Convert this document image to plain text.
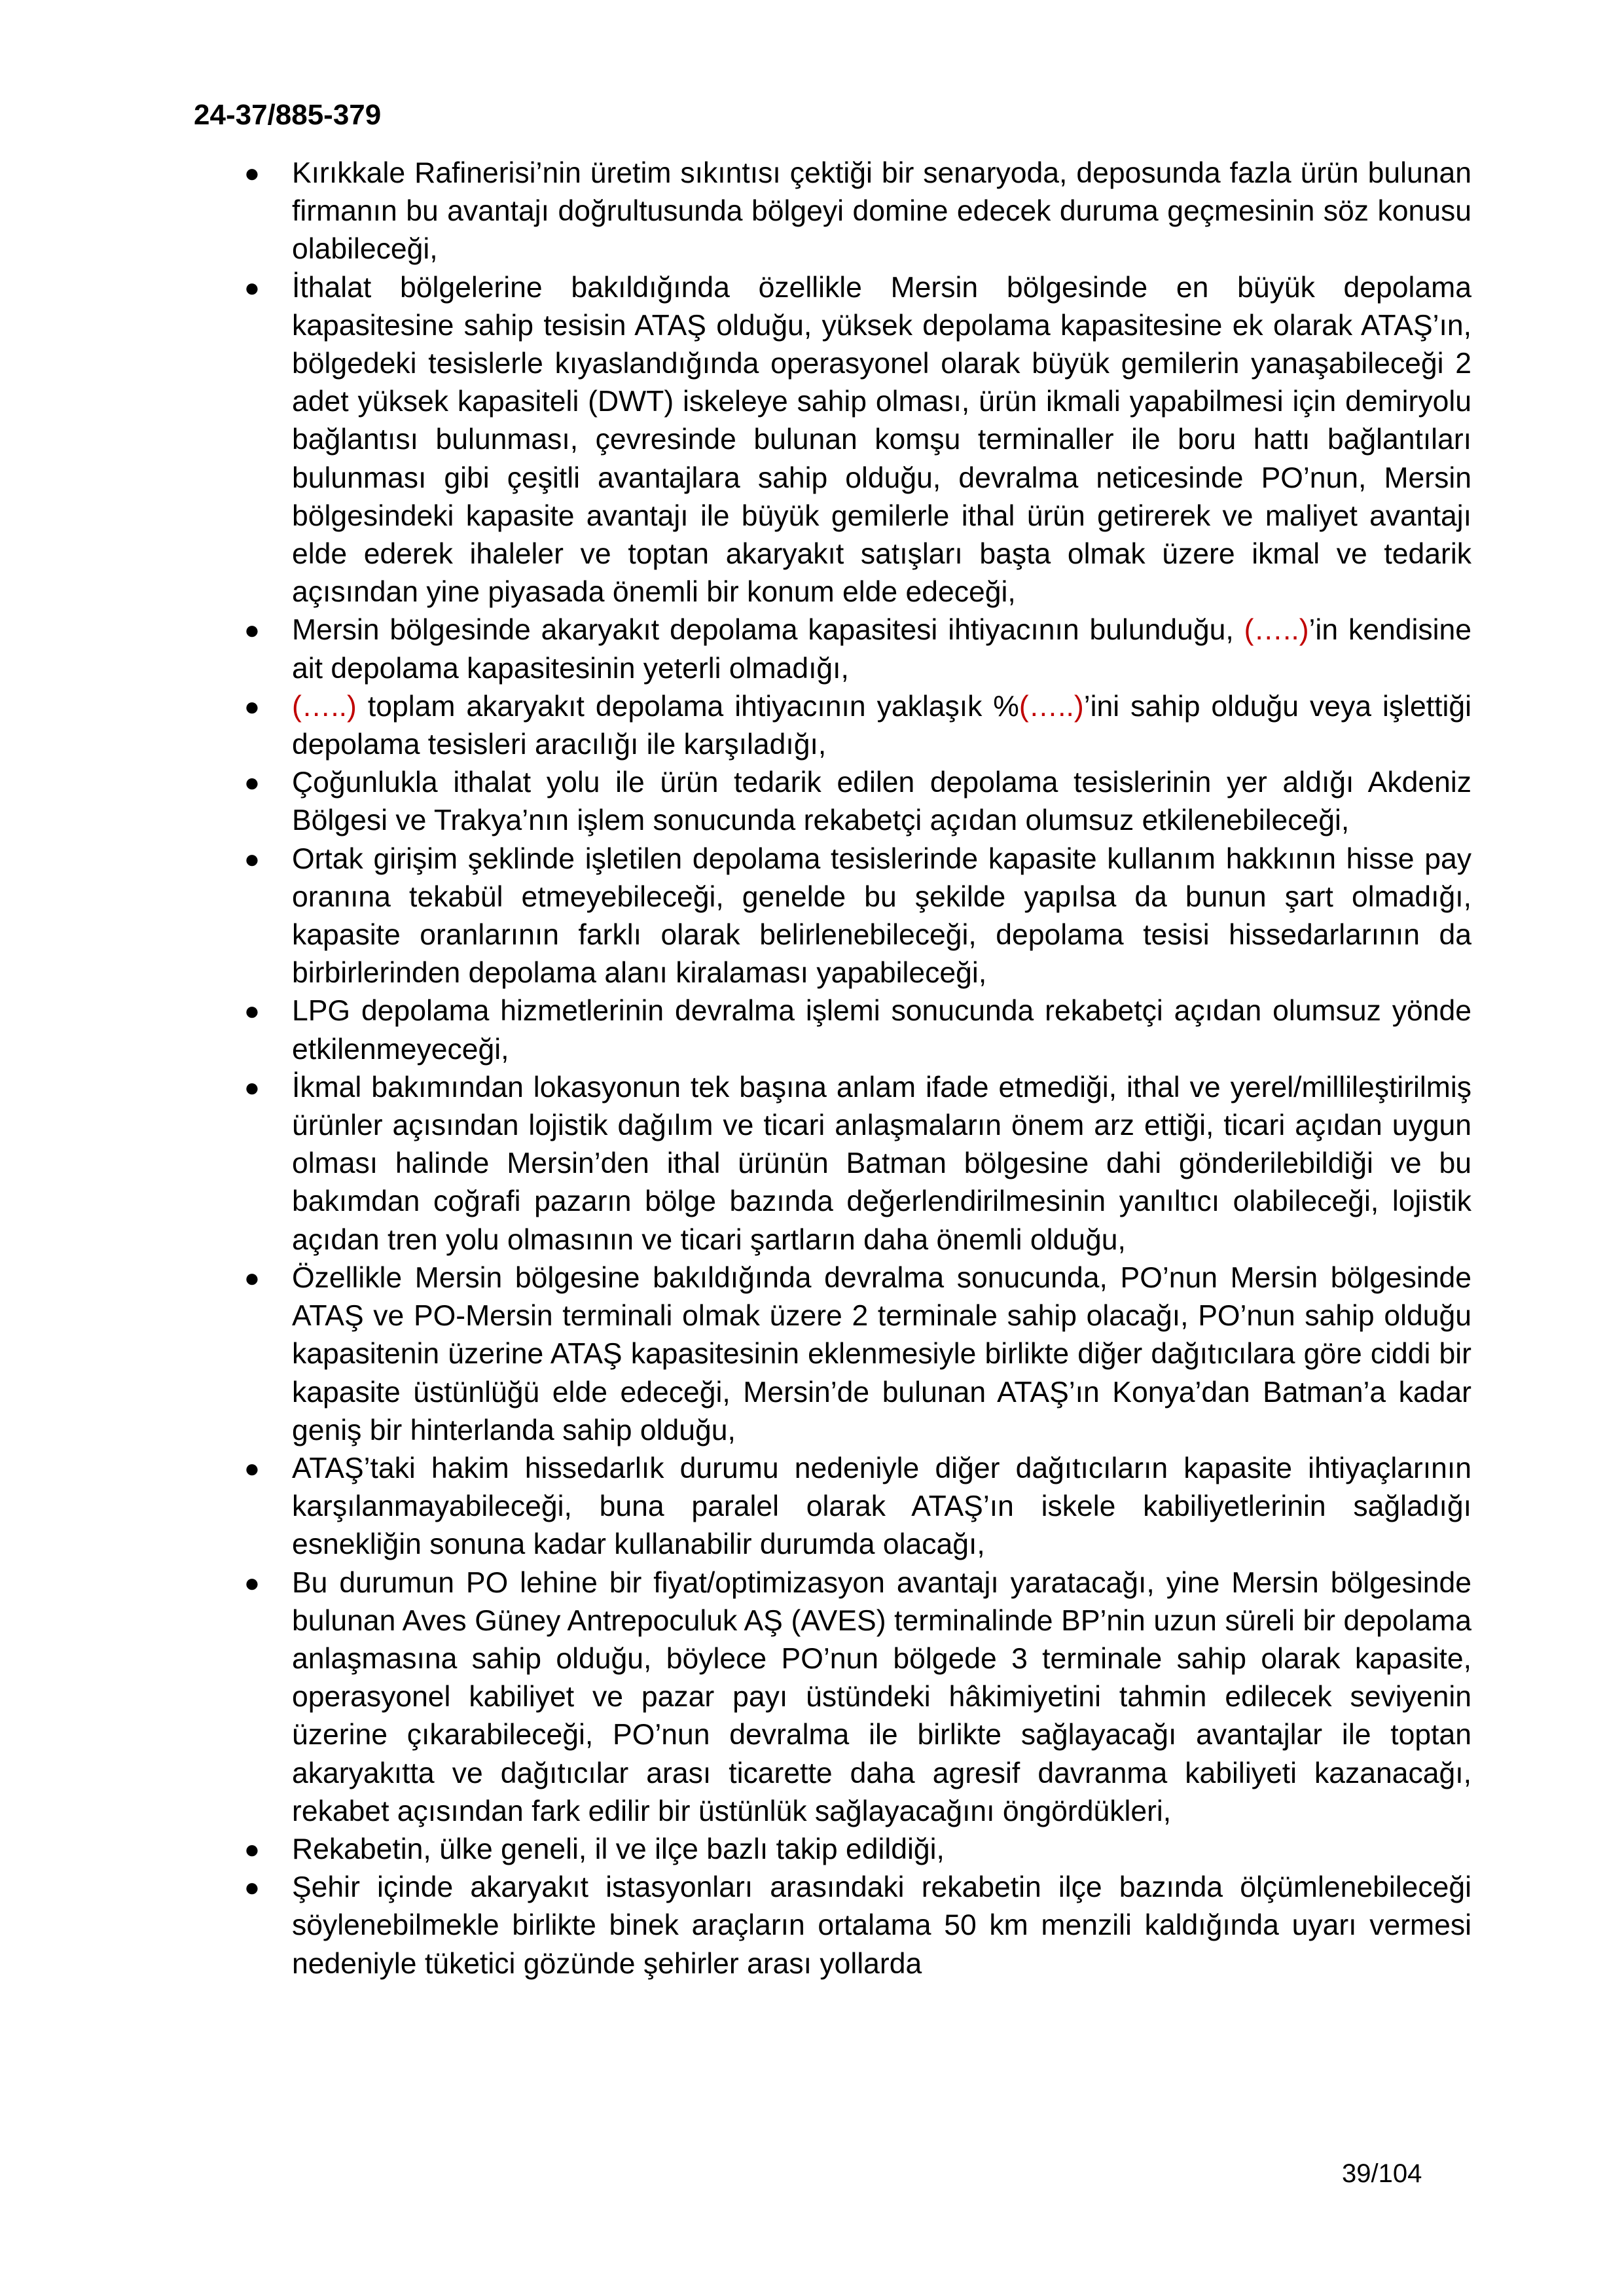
24-37/885-379
● Kırıkkale Rafinerisi’nin üretim sıkıntısı çektiği bir senaryoda, deposunda fazla ürün bulunan firmanın bu avantajı doğrultusunda bölgeyi domine edecek duruma geçmesinin söz konusu olabileceği,
● İthalat bölgelerine bakıldığında özellikle Mersin bölgesinde en büyük depolama kapasitesine sahip tesisin ATAŞ olduğu, yüksek depolama kapasitesine ek olarak ATAŞ’ın, bölgedeki tesislerle kıyaslandığında operasyonel olarak büyük gemilerin yanaşabileceği 2 adet yüksek kapasiteli (DWT) iskeleye sahip olması, ürün ikmali yapabilmesi için demiryolu bağlantısı bulunması, çevresinde bulunan komşu terminaller ile boru hattı bağlantıları bulunması gibi çeşitli avantajlara sahip olduğu, devralma neticesinde PO’nun, Mersin bölgesindeki kapasite avantajı ile büyük gemilerle ithal ürün getirerek ve maliyet avantajı elde ederek ihaleler ve toptan akaryakıt satışları başta olmak üzere ikmal ve tedarik açısından yine piyasada önemli bir konum elde edeceği,
● Mersin bölgesinde akaryakıt depolama kapasitesi ihtiyacının bulunduğu, (…..)’in kendisine ait depolama kapasitesinin yeterli olmadığı,
● (…..) toplam akaryakıt depolama ihtiyacının yaklaşık %(…..)’ini sahip olduğu veya işlettiği depolama tesisleri aracılığı ile karşıladığı,
● Çoğunlukla ithalat yolu ile ürün tedarik edilen depolama tesislerinin yer aldığı Akdeniz Bölgesi ve Trakya’nın işlem sonucunda rekabetçi açıdan olumsuz etkilenebileceği,
● Ortak girişim şeklinde işletilen depolama tesislerinde kapasite kullanım hakkının hisse pay oranına tekabül etmeyebileceği, genelde bu şekilde yapılsa da bunun şart olmadığı, kapasite oranlarının farklı olarak belirlenebileceği, depolama tesisi hissedarlarının da birbirlerinden depolama alanı kiralaması yapabileceği,
● LPG depolama hizmetlerinin devralma işlemi sonucunda rekabetçi açıdan olumsuz yönde etkilenmeyeceği,
● İkmal bakımından lokasyonun tek başına anlam ifade etmediği, ithal ve yerel/millileştirilmiş ürünler açısından lojistik dağılım ve ticari anlaşmaların önem arz ettiği, ticari açıdan uygun olması halinde Mersin’den ithal ürünün Batman bölgesine dahi gönderilebildiği ve bu bakımdan coğrafi pazarın bölge bazında değerlendirilmesinin yanıltıcı olabileceği, lojistik açıdan tren yolu olmasının ve ticari şartların daha önemli olduğu,
● Özellikle Mersin bölgesine bakıldığında devralma sonucunda, PO’nun Mersin bölgesinde ATAŞ ve PO-Mersin terminali olmak üzere 2 terminale sahip olacağı, PO’nun sahip olduğu kapasitenin üzerine ATAŞ kapasitesinin eklenmesiyle birlikte diğer dağıtıcılara göre ciddi bir kapasite üstünlüğü elde edeceği, Mersin’de bulunan ATAŞ’ın Konya’dan Batman’a kadar geniş bir hinterlanda sahip olduğu,
● ATAŞ’taki hakim hissedarlık durumu nedeniyle diğer dağıtıcıların kapasite ihtiyaçlarının karşılanmayabileceği, buna paralel olarak ATAŞ’ın iskele kabiliyetlerinin sağladığı esnekliğin sonuna kadar kullanabilir durumda olacağı,
● Bu durumun PO lehine bir fiyat/optimizasyon avantajı yaratacağı, yine Mersin bölgesinde bulunan Aves Güney Antrepoculuk AŞ (AVES) terminalinde BP’nin uzun süreli bir depolama anlaşmasına sahip olduğu, böylece PO’nun bölgede 3 terminale sahip olarak kapasite, operasyonel kabiliyet ve pazar payı üstündeki hâkimiyetini tahmin edilecek seviyenin üzerine çıkarabileceği, PO’nun devralma ile birlikte sağlayacağı avantajlar ile toptan akaryakıtta ve dağıtıcılar arası ticarette daha agresif davranma kabiliyeti kazanacağı, rekabet açısından fark edilir bir üstünlük sağlayacağını öngördükleri,
● Rekabetin, ülke geneli, il ve ilçe bazlı takip edildiği,
● Şehir içinde akaryakıt istasyonları arasındaki rekabetin ilçe bazında ölçümlenebileceği söylenebilmekle birlikte binek araçların ortalama 50 km menzili kaldığında uyarı vermesi nedeniyle tüketici gözünde şehirler arası yollarda
39/104
